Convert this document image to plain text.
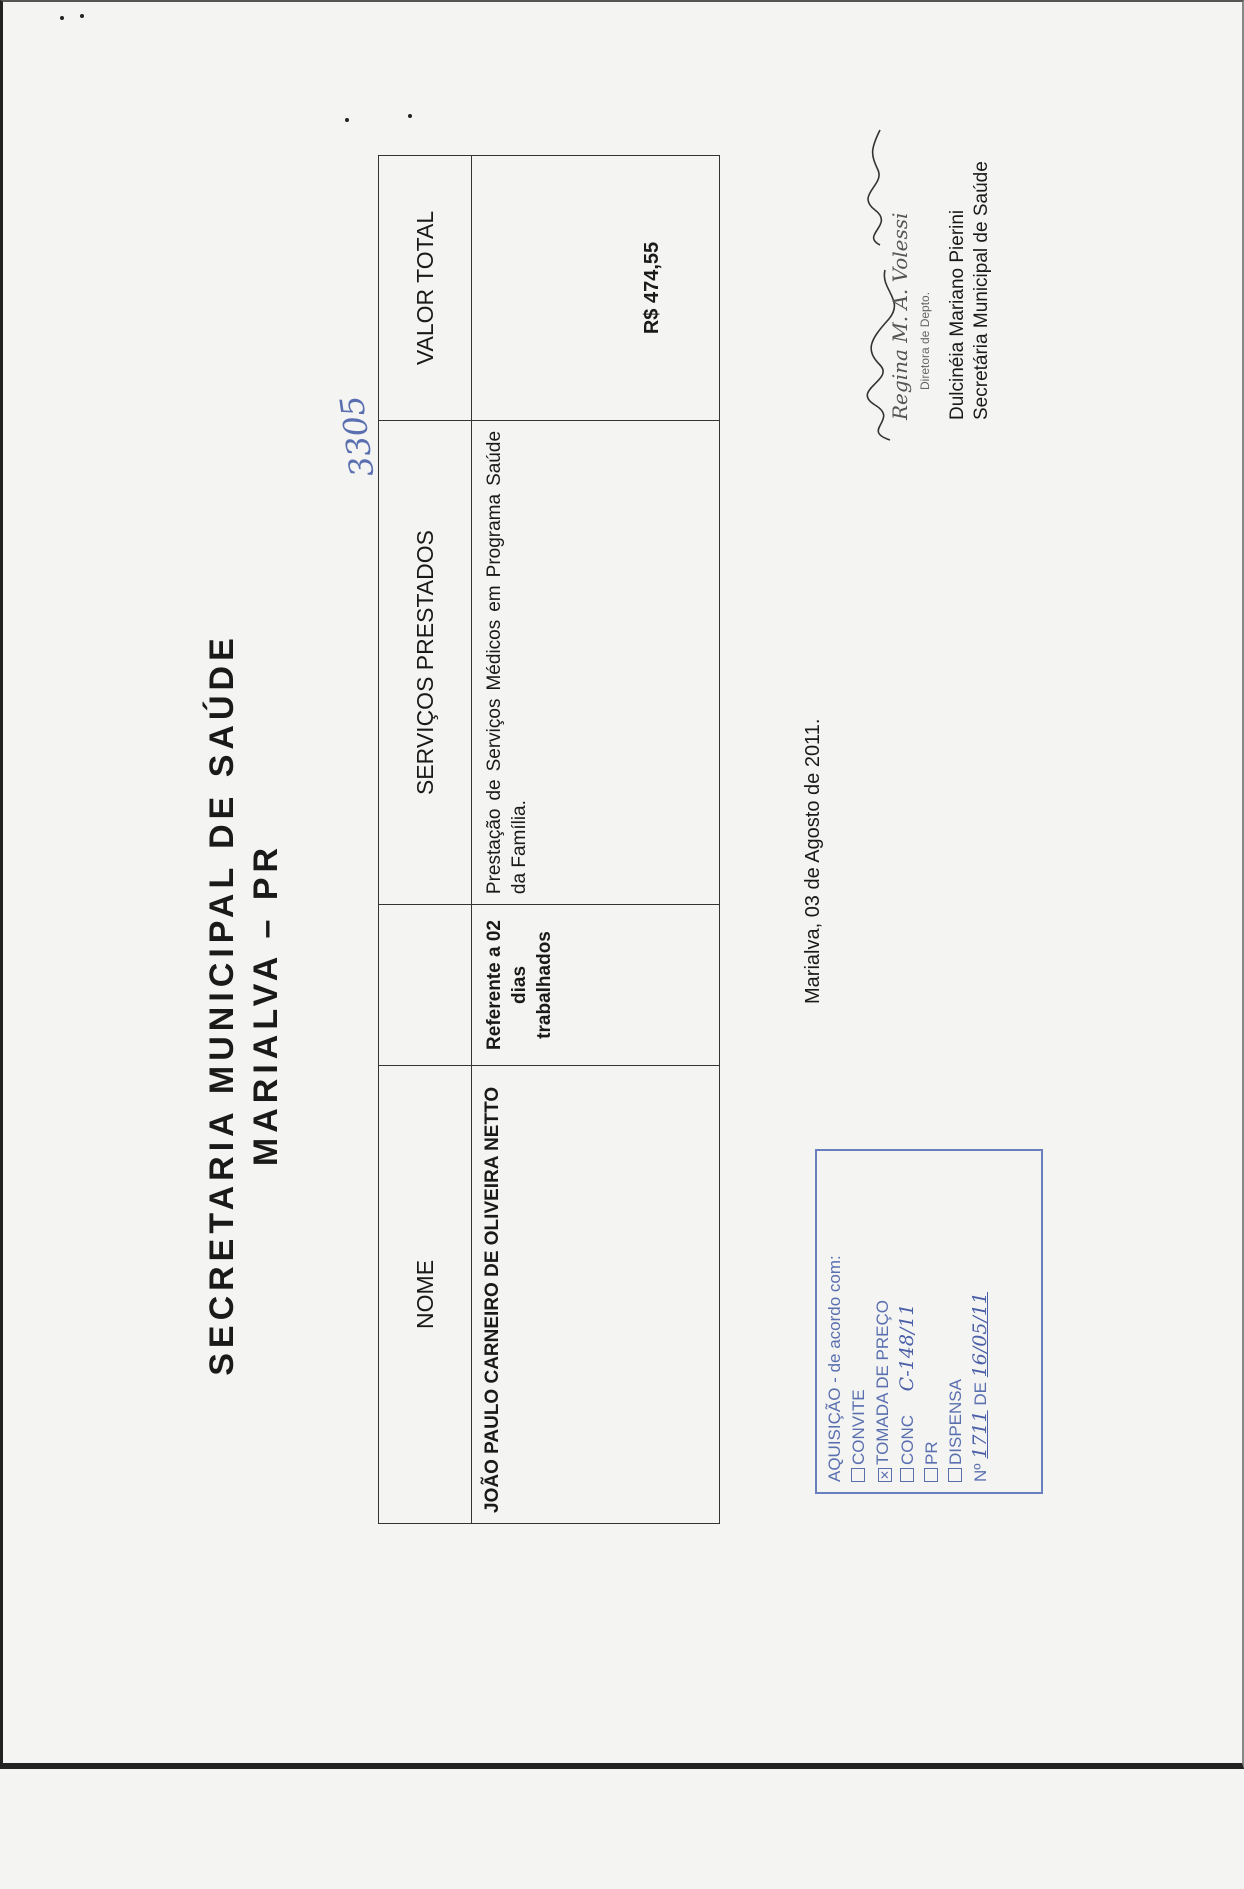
SECRETARIA MUNICIPAL DE SAÚDE MARIALVA – PR
3305
NOME		SERVIÇOS PRESTADOS	VALOR TOTAL
JOÃO PAULO CARNEIRO DE OLIVEIRA NETTO	Referente a 02 dias trabalhados	Prestação de Serviços Médicos em Programa Saúde da Família.	R$ 474,55
Marialva, 03 de Agosto de 2011.
AQUISIÇÃO - de acordo com: CONVITE
✕TOMADA DE PREÇO CONC     C-148/11
PR DISPENSA
Nº 1711 DE 16/05/11
Regina M. A. Volessi Diretora de Depto. Dulcinéia Mariano Pierini Secretária Municipal de Saúde
